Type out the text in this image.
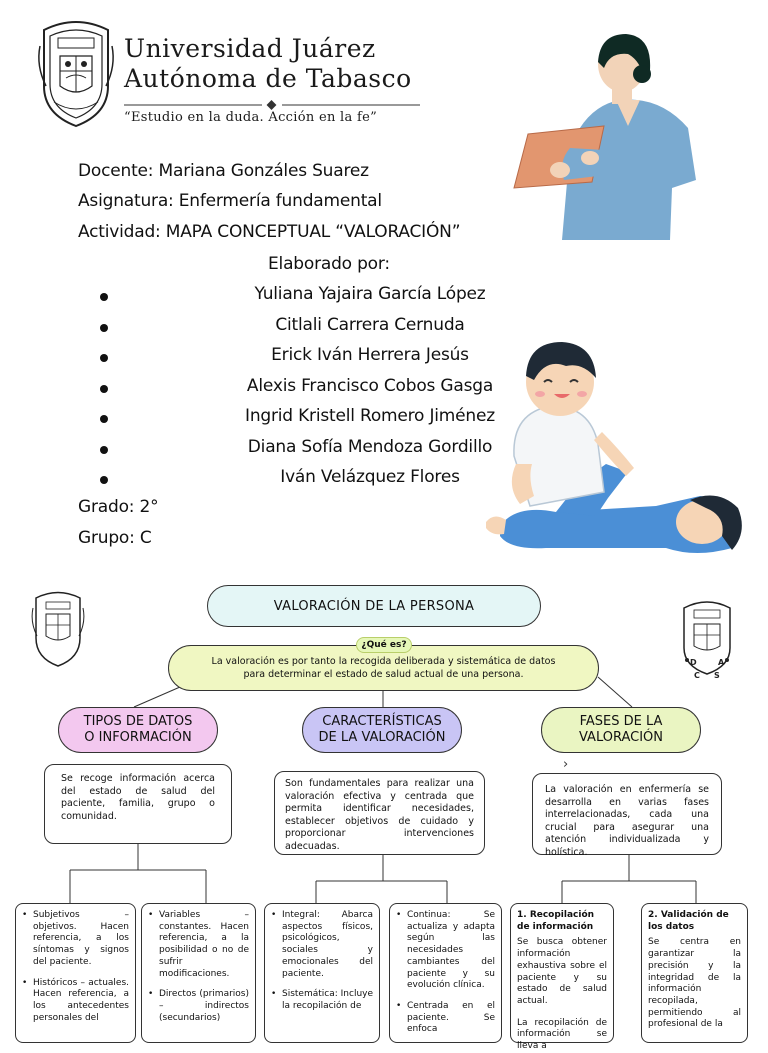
Universidad Juárez
Autónoma de Tabasco
“Estudio en la duda. Acción en la fe”
Docente: Mariana Gonzáles Suarez
Asignatura: Enfermería fundamental
Actividad: MAPA CONCEPTUAL “VALORACIÓN”
Elaborado por:
Yuliana Yajaira García López
Citlali Carrera Cernuda
Erick Iván Herrera Jesús
Alexis Francisco Cobos Gasga
Ingrid Kristell Romero Jiménez
Diana Sofía Mendoza Gordillo
Iván Velázquez Flores
Grado: 2°
Grupo: C
D	A
C S
VALORACIÓN DE LA PERSONA
La valoración es por tanto la recogida deliberada y sistemática de datos para determinar el estado de salud actual de una persona.
¿Qué es?
TIPOS DE DATOS
O INFORMACIÓN
CARACTERÍSTICAS
DE LA VALORACIÓN
FASES DE LA
VALORACIÓN
›
Se recoge información acerca del estado de salud del paciente, familia, grupo o comunidad.
Son fundamentales para realizar una valoración efectiva y centrada que permita identificar necesidades, establecer objetivos de cuidado y proporcionar intervenciones adecuadas.
La valoración en enfermería se desarrolla en varias fases interrelacionadas, cada una crucial para asegurar una atención individualizada y holística.
• Subjetivos – objetivos. Hacen referencia, a los síntomas y signos del paciente.
• Históricos – actuales. Hacen referencia, a los antecedentes personales del
• Variables – constantes. Hacen referencia, a la posibilidad o no de sufrir modificaciones.
• Directos (primarios) – indirectos (secundarios)
• Integral: Abarca aspectos físicos, psicológicos, sociales y emocionales del paciente.
• Sistemática: Incluye la recopilación de
• Continua: Se actualiza y adapta según las necesidades cambiantes del paciente y su evolución clínica.
• Centrada en el paciente. Se enfoca
1. Recopilación de información

Se busca obtener información exhaustiva sobre el paciente y su estado de salud actual.

La recopilación de información se lleva a

2. Validación de los datos

Se centra en garantizar la precisión y la integridad de la información recopilada, permitiendo al profesional de la
